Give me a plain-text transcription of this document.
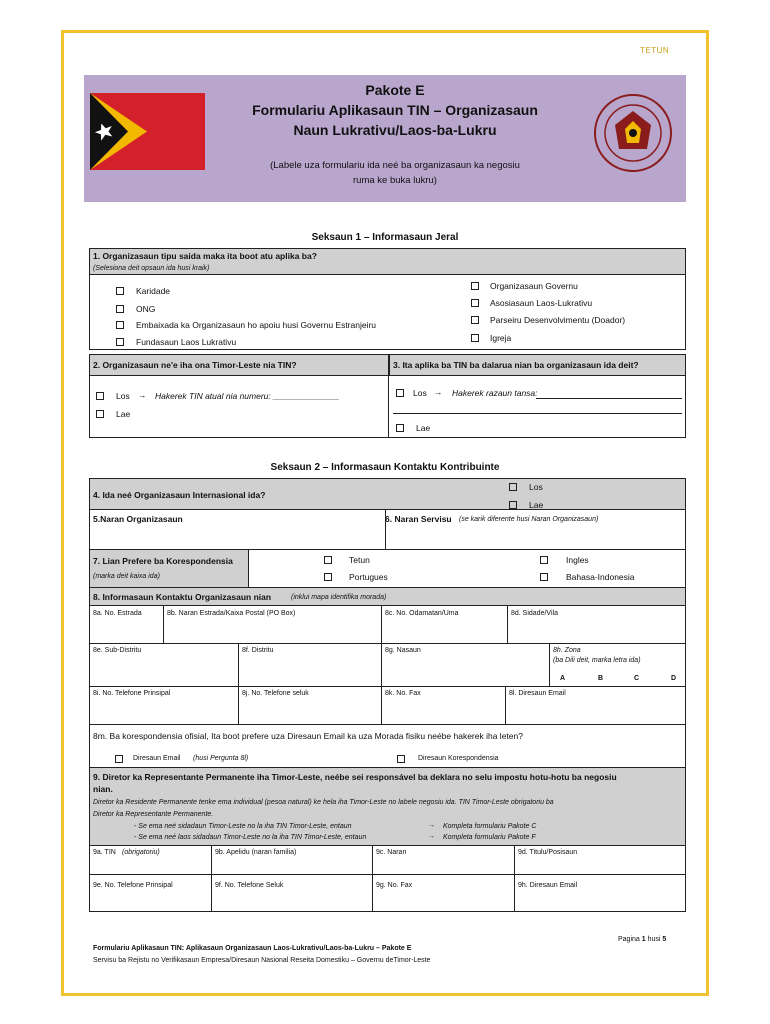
TETUN
Pakote E
Formulariu Aplikasaun TIN – Organizasaun
Naun Lukrativu/Laos-ba-Lukru
(Labele uza formulariu ida neé ba organizasaun ka negosiu
ruma ke buka lukru)
Seksaun 1 – Informasaun Jeral
1. Organizasaun tipu saida maka ita boot atu aplika ba?
(Selesiona deit opsaun ida husi kraik)
Karidade
ONG
Embaixada ka Organizasaun ho apoiu husi Governu Estranjeiru
Fundasaun Laos Lukrativu
Organizasaun Governu
Asosiasaun Laos-Lukrativu
Parseiru Desenvolvimentu (Doador)
Igreja
2. Organizasaun ne'e iha ona Timor-Leste nia TIN?	3. Ita aplika ba TIN ba dalarua nian ba organizasaun ida deit?
Los → Hakerek TIN atual nia numeru: ______________
Lae
Los → Hakerek razaun tansa:
Lae
Seksaun 2 – Informasaun Kontaktu Kontribuinte
4. Ida neé Organizasaun Internasional ida?
Los
Lae
5.Naran Organizasaun	6. Naran Servisu (se karik diferente husi Naran Organizasaun)
7. Lian Prefere ba Korespondensia
(marka deit kaixa ida)
Tetun
Portugues
Ingles
Bahasa-Indonesia
8. Informasaun Kontaktu Organizasaun nian	(inklui mapa identifika morada)
8a. No. Estrada	8b. Naran Estrada/Kaixa Postal (PO Box)	8c. No. Odamatan/Uma	8d. Sidade/Vila
8e. Sub-Distritu	8f. Distritu	8g. Nasaun	8h. Zona
(ba Dili deit, marka letra ida)
A	B	C	D
8i. No. Telefone Prinsipal	8j. No. Telefone seluk	8k. No. Fax	8l. Diresaun Email
8m. Ba korespondensia ofisial, Ita boot prefere uza Diresaun Email ka uza Morada fisiku neébe hakerek iha leten?
Diresaun Email (husi Pergunta 8l)	Diresaun Korespondensia
9. Diretor ka Representante Permanente iha Timor-Leste, neébe sei responsável ba deklara no selu impostu hotu-hotu ba negosiu
nian.
Diretor ka Residente Permanente tenke ema individual (pesoa natural) ke hela iha Timor-Leste no labele negosiu ida. TIN Timor-Leste obrigatoriu ba
Diretor ka Representante Permanente.
- Se ema neé sidadaun Timor-Leste no la iha TIN Timor-Leste, entaun	→ Kompleta formulariu Pakote C
- Se ema neé laos sidadaun Timor-Leste no la iha TIN Timor-Leste, entaun	→ Kompleta formulariu Pakote F
9a. TIN (obrigatoriu)	9b. Apelidu (naran familia)	9c. Naran	9d. Titulu/Posisaun
9e. No. Telefone Prinsipal	9f. No. Telefone Seluk	9g. No. Fax	9h. Diresaun Email
Pagina 1 husi 5
Formulariu Aplikasaun TIN: Aplikasaun Organizasaun Laos-Lukrativu/Laos-ba-Lukru – Pakote E
Servisu ba Rejistu no Verifikasaun Empresa/Diresaun Nasional Reseita Domestiku – Governu deTimor-Leste
